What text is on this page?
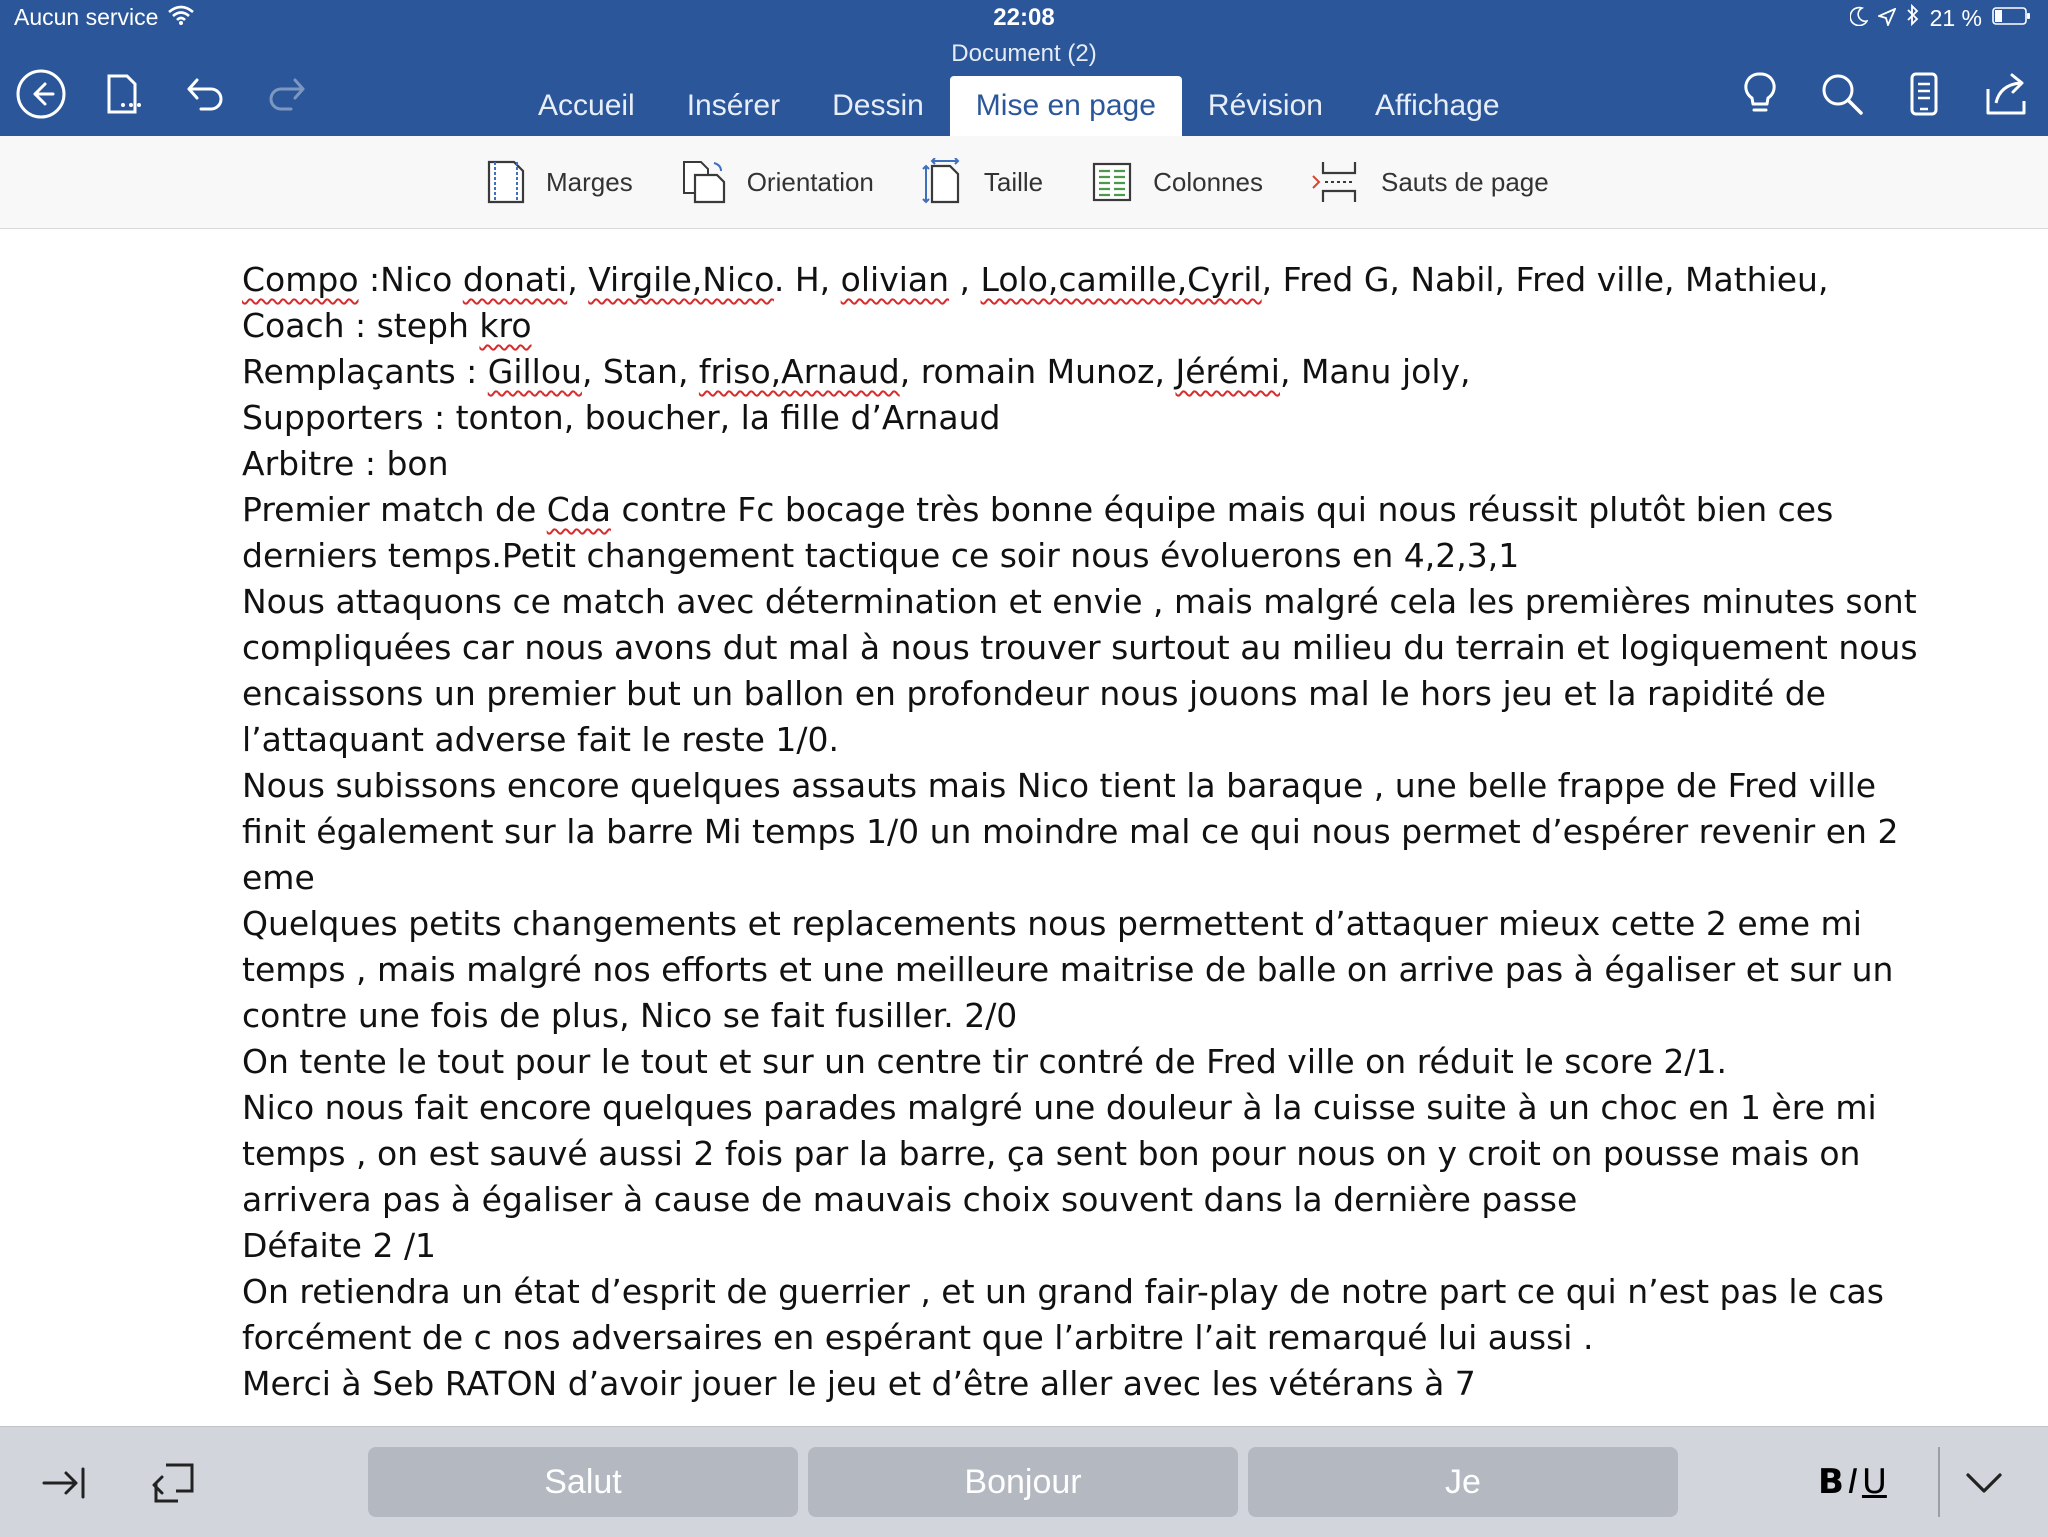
Aucun service	22:08	21 %
Document (2)
Accueil	Insérer	Dessin	Mise en page	Révision	Affichage
Marges	Orientation	Taille	Colonnes	Sauts de page

Compo :Nico donati, Virgile,Nico. H, olivian , Lolo,camille,Cyril, Fred G, Nabil, Fred ville, Mathieu,

Coach : steph kro

Remplaçants : Gillou, Stan, friso,Arnaud, romain Munoz, Jérémi, Manu joly,

Supporters : tonton, boucher, la fille d’Arnaud

Arbitre : bon

Premier match de Cda contre Fc bocage très bonne équipe mais qui nous réussit plutôt bien ces

derniers temps.Petit changement tactique ce soir nous évoluerons en 4,2,3,1

Nous attaquons ce match avec détermination et envie , mais malgré cela les premières minutes sont

compliquées car nous avons dut mal à nous trouver surtout au milieu du terrain et logiquement nous

encaissons un premier but un ballon en profondeur nous jouons mal le hors jeu et la rapidité de

l’attaquant adverse fait le reste 1/0.

Nous subissons encore quelques assauts mais Nico tient la baraque , une belle frappe de Fred ville

finit également sur la barre Mi temps 1/0 un moindre mal ce qui nous permet d’espérer revenir en 2

eme

Quelques petits changements et replacements nous permettent d’attaquer mieux cette 2 eme mi

temps , mais malgré nos efforts et une meilleure maitrise de balle on arrive pas à égaliser et sur un

contre une fois de plus, Nico se fait fusiller. 2/0

On tente le tout pour le tout et sur un centre tir contré de Fred ville on réduit le score 2/1.

Nico nous fait encore quelques parades malgré une douleur à la cuisse suite à un choc en 1 ère mi

temps , on est sauvé aussi 2 fois par la barre, ça sent bon pour nous on y croit on pousse mais on

arrivera pas à égaliser à cause de mauvais choix souvent dans la dernière passe

Défaite 2 /1

On retiendra un état d’esprit de guerrier , et un grand fair-play de notre part ce qui n’est pas le cas

forcément de c nos adversaires en espérant que l’arbitre l’ait remarqué lui aussi .

Merci à Seb RATON d’avoir jouer le jeu et d’être aller avec les vétérans à 7

Salut	Bonjour	Je	B I U
